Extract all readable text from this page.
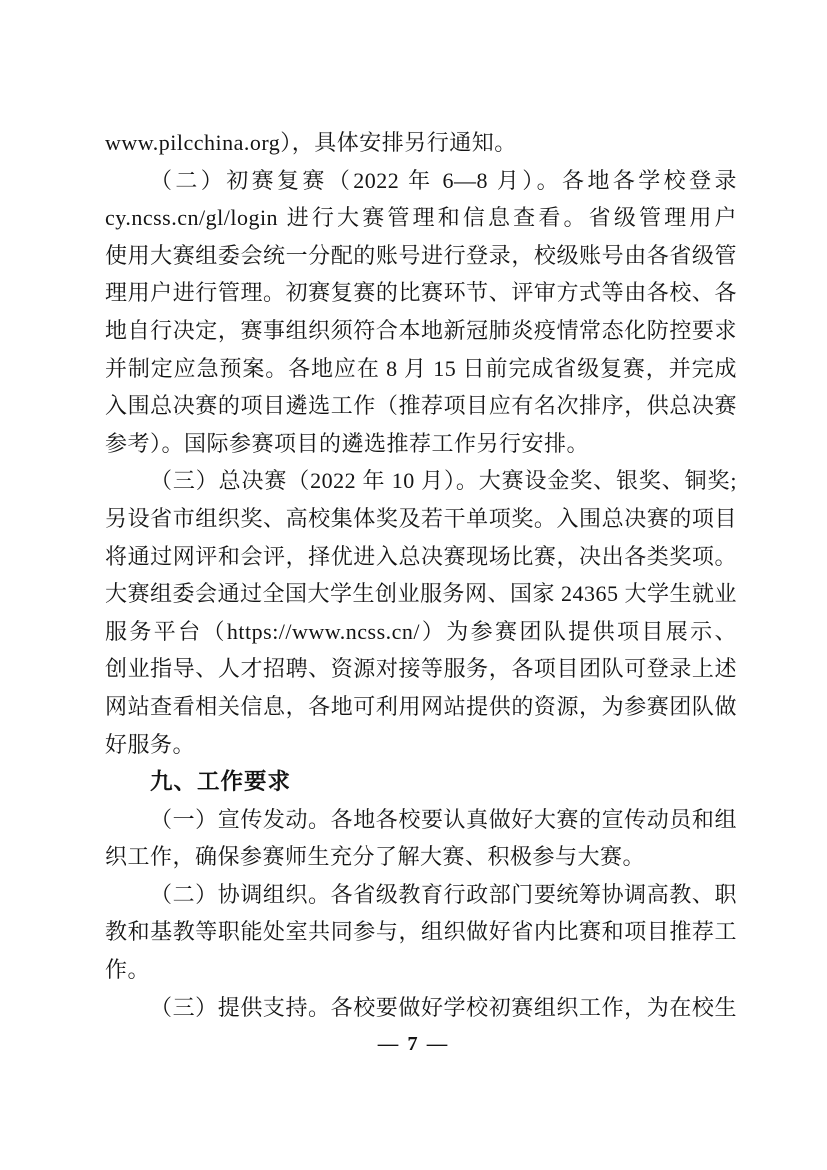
www.pilcchina.org），具体安排另行通知。
（二）初赛复赛（2022 年 6—8 月）。各地各学校登录
cy.ncss.cn/gl/login 进行大赛管理和信息查看。省级管理用户
使用大赛组委会统一分配的账号进行登录，校级账号由各省级管
理用户进行管理。初赛复赛的比赛环节、评审方式等由各校、各
地自行决定，赛事组织须符合本地新冠肺炎疫情常态化防控要求
并制定应急预案。各地应在 8 月 15 日前完成省级复赛，并完成
入围总决赛的项目遴选工作（推荐项目应有名次排序，供总决赛
参考）。国际参赛项目的遴选推荐工作另行安排。
（三）总决赛（2022 年 10 月）。大赛设金奖、银奖、铜奖;
另设省市组织奖、高校集体奖及若干单项奖。入围总决赛的项目
将通过网评和会评，择优进入总决赛现场比赛，决出各类奖项。
大赛组委会通过全国大学生创业服务网、国家 24365 大学生就业
服务平台（https://www.ncss.cn/）为参赛团队提供项目展示、
创业指导、人才招聘、资源对接等服务，各项目团队可登录上述
网站查看相关信息，各地可利用网站提供的资源，为参赛团队做
好服务。
九、工作要求
（一）宣传发动。各地各校要认真做好大赛的宣传动员和组
织工作，确保参赛师生充分了解大赛、积极参与大赛。
（二）协调组织。各省级教育行政部门要统筹协调高教、职
教和基教等职能处室共同参与，组织做好省内比赛和项目推荐工
作。
（三）提供支持。各校要做好学校初赛组织工作，为在校生
— 7 —
